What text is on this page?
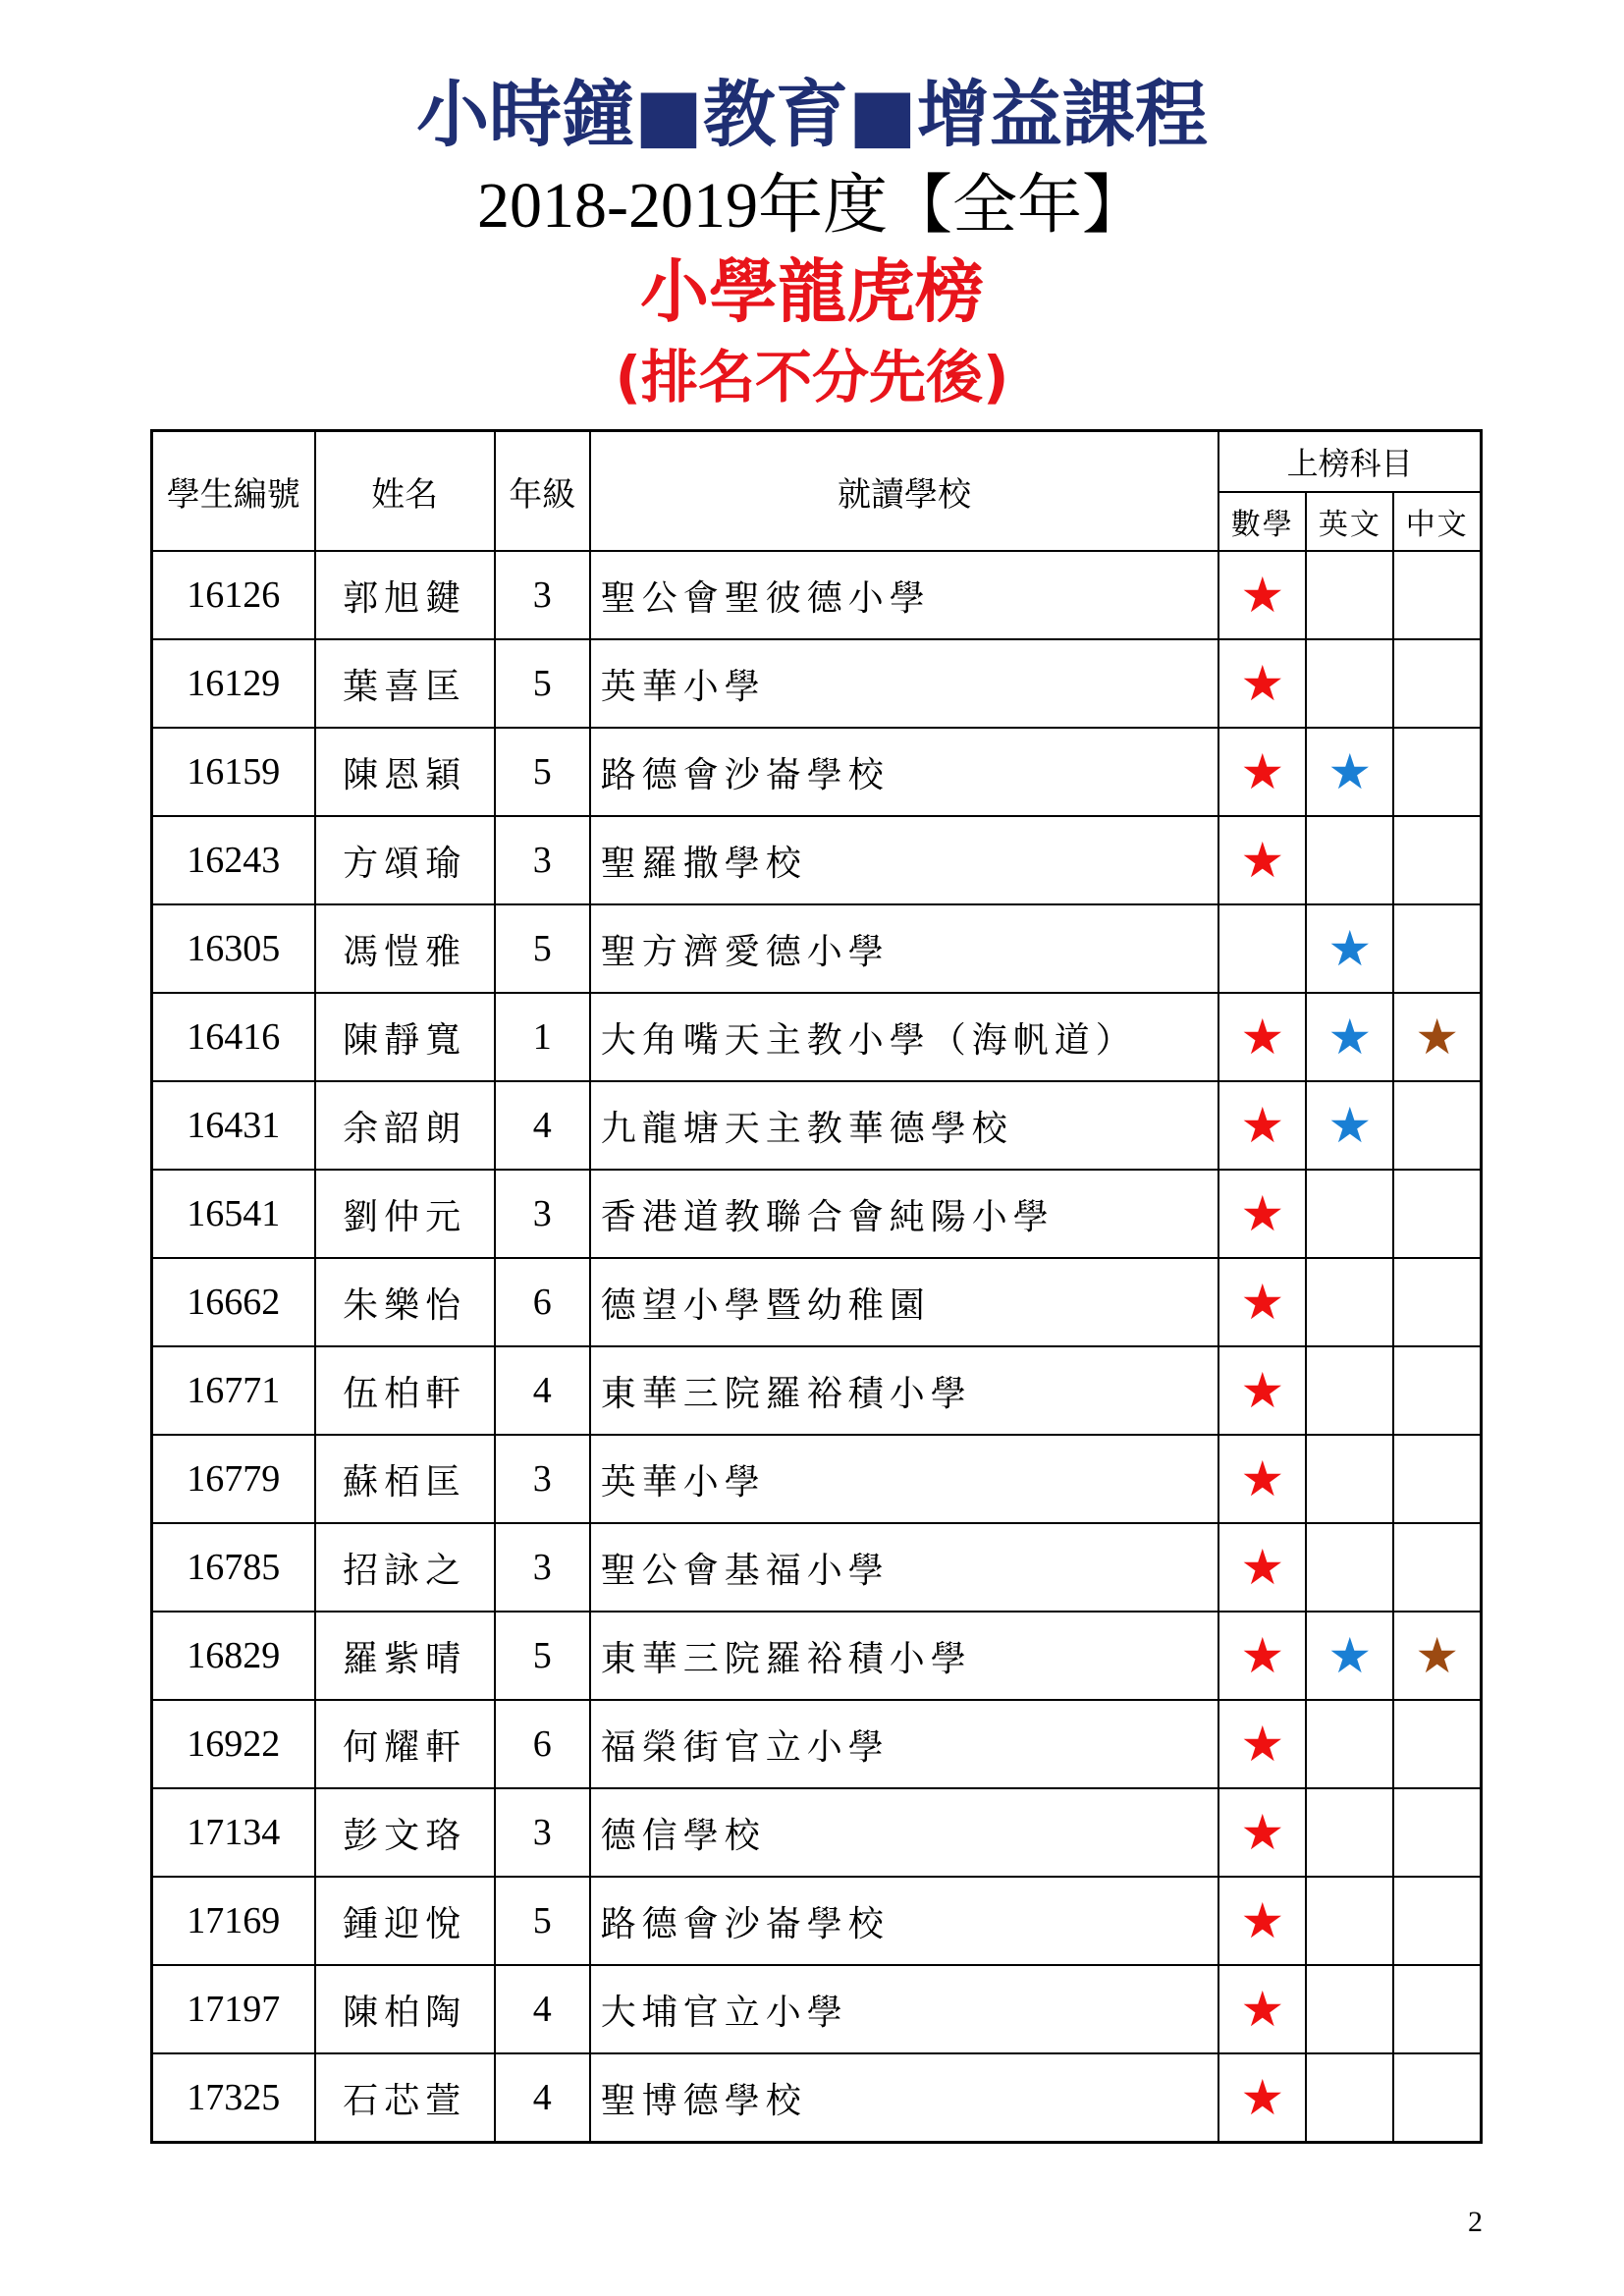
小時鐘■教育■增益課程
2018-2019年度【全年】
小學龍虎榜
(排名不分先後)
學生編號	姓名	年級	就讀學校	上榜科目		
				數學	英文	中文
16126	郭旭鍵	3	聖公會聖彼德小學	★		
16129	葉喜匡	5	英華小學	★		
16159	陳恩穎	5	路德會沙崙學校	★	★	
16243	方頌瑜	3	聖羅撒學校	★		
16305	馮愷雅	5	聖方濟愛德小學		★	
16416	陳靜寬	1	大角嘴天主教小學（海帆道）	★	★	★
16431	余韶朗	4	九龍塘天主教華德學校	★	★	
16541	劉仲元	3	香港道教聯合會純陽小學	★		
16662	朱樂怡	6	德望小學暨幼稚園	★		
16771	伍柏軒	4	東華三院羅裕積小學	★		
16779	蘇栢匡	3	英華小學	★		
16785	招詠之	3	聖公會基福小學	★		
16829	羅紫晴	5	東華三院羅裕積小學	★	★	★
16922	何耀軒	6	福榮街官立小學	★		
17134	彭文珞	3	德信學校	★		
17169	鍾迎悅	5	路德會沙崙學校	★		
17197	陳柏陶	4	大埔官立小學	★		
17325	石芯萱	4	聖博德學校	★		
2
